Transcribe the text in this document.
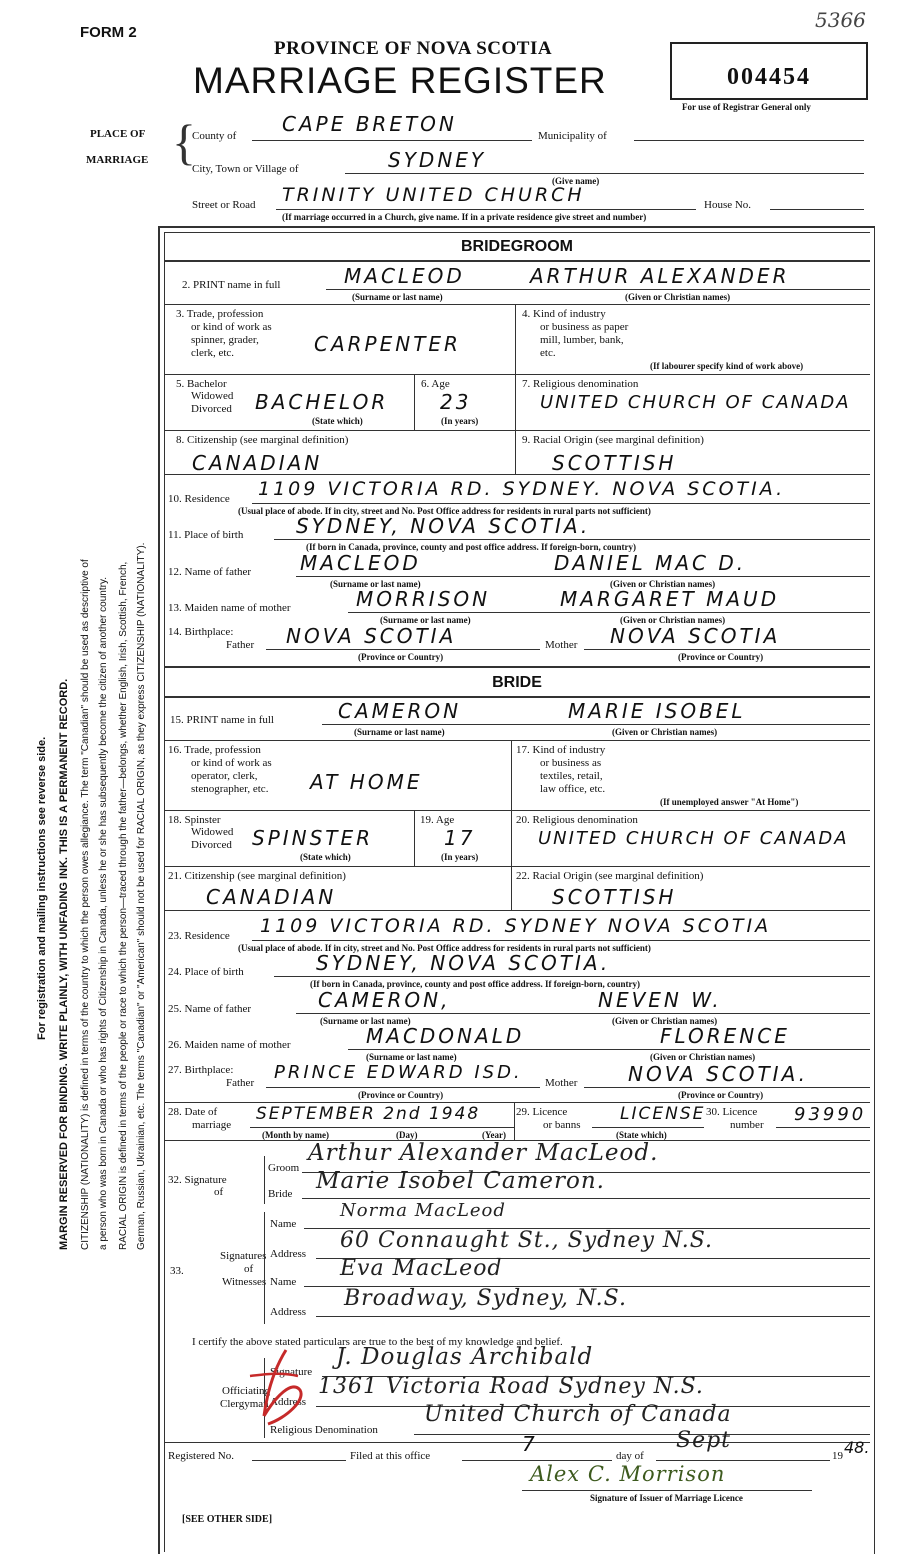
FORM 2
5366
PROVINCE OF NOVA SCOTIA
MARRIAGE REGISTER	004454
For use of Registrar General only
PLACE OF
MARRIAGE {
County of CAPE BRETON	Municipality of
City, Town or Village of	SYDNEY
(Give name)
Street or Road TRINITY UNITED CHURCH	House No.
(If marriage occurred in a Church, give name. If in a private residence give street and number)
For registration and mailing instructions see reverse side. MARGIN RESERVED FOR BINDING. WRITE PLAINLY, WITH UNFADING INK. THIS IS A PERMANENT RECORD. CITIZENSHIP (NATIONALITY) is defined in terms of the country to which the person owes allegiance. The term "Canadian" should be used as descriptive of a person who was born in Canada or who has rights of Citizenship in Canada, unless he or she has subsequently become the citizen of another country. RACIAL ORIGIN is defined in terms of the people or race to which the person—traced through the father—belongs, whether English, Irish, Scottish, French, German, Russian, Ukrainian, etc. The terms "Canadian" or "American" should not be used for RACIAL ORIGIN, as they express CITIZENSHIP (NATIONALITY).
BRIDEGROOM
2. PRINT name in full	MACLEOD	ARTHUR ALEXANDER
(Surname or last name)	(Given or Christian names)
3. Trade, profession
or kind of work as
spinner, grader,
clerk, etc.	CARPENTER
4. Kind of industry
or business as paper
mill, lumber, bank,
etc.
(If labourer specify kind of work above)
5. Bachelor
Widowed
Divorced BACHELOR
(State which)
6. Age
23
(In years)
7. Religious denomination
UNITED CHURCH OF CANADA
8. Citizenship (see marginal definition)
CANADIAN
9. Racial Origin (see marginal definition)
SCOTTISH
10. Residence 1109 VICTORIA RD. SYDNEY. NOVA SCOTIA.
(Usual place of abode. If in city, street and No. Post Office address for residents in rural parts not sufficient)
11. Place of birth	SYDNEY, NOVA SCOTIA.
(If born in Canada, province, county and post office address. If foreign-born, country)
12. Name of father MACLEOD	DANIEL MAC D.
(Surname or last name)	(Given or Christian names)
13. Maiden name of mother	MORRISON	MARGARET MAUD
(Surname or last name)	(Given or Christian names)
14. Birthplace:
Father NOVA SCOTIA	Mother NOVA SCOTIA
(Province or Country)	(Province or Country)
BRIDE
15. PRINT name in full	CAMERON	MARIE ISOBEL
(Surname or last name)	(Given or Christian names)
16. Trade, profession
or kind of work as
operator, clerk,
stenographer, etc. AT HOME
17. Kind of industry
or business as
textiles, retail,
law office, etc.
(If unemployed answer "At Home")
18. Spinster
Widowed
Divorced SPINSTER
(State which)
19. Age
17
(In years)
20. Religious denomination
UNITED CHURCH OF CANADA
21. Citizenship (see marginal definition)
CANADIAN
22. Racial Origin (see marginal definition)
SCOTTISH
23. Residence 1109 VICTORIA RD. SYDNEY NOVA SCOTIA
(Usual place of abode. If in city, street and No. Post Office address for residents in rural parts not sufficient)
24. Place of birth	SYDNEY, NOVA SCOTIA.
(If born in Canada, province, county and post office address. If foreign-born, country)
25. Name of father	CAMERON,	NEVEN W.
(Surname or last name)	(Given or Christian names)
26. Maiden name of mother	MACDONALD	FLORENCE
(Surname or last name)	(Given or Christian names)
27. Birthplace:
Father PRINCE EDWARD ISD. Mother	NOVA SCOTIA.
(Province or Country)	(Province or Country)
28. Date of
marriage
SEPTEMBER 2nd 1948
(Month by name)	(Day)	(Year)
29. Licence
or banns
LICENSE
(State which)
30. Licence
number 93990
32. Signature
of
Groom
Arthur Alexander MacLeod.
Bride Marie Isobel Cameron.
Signatures
of
Witnesses
33.
Name
Norma MacLeod
Address
60 Connaught St., Sydney N.S.
Name
Eva MacLeod
Address
Broadway, Sydney, N.S.
I certify the above stated particulars are true to the best of my knowledge and belief.
Officiating
Clergyman
Signature
J. Douglas Archibald
Address
1361 Victoria Road Sydney N.S.
Religious Denomination
United Church of Canada
Registered No.	Filed at this office	7	day of
Sept
19 48.
Alex C. Morrison
Signature of Issuer of Marriage Licence
[SEE OTHER SIDE]
